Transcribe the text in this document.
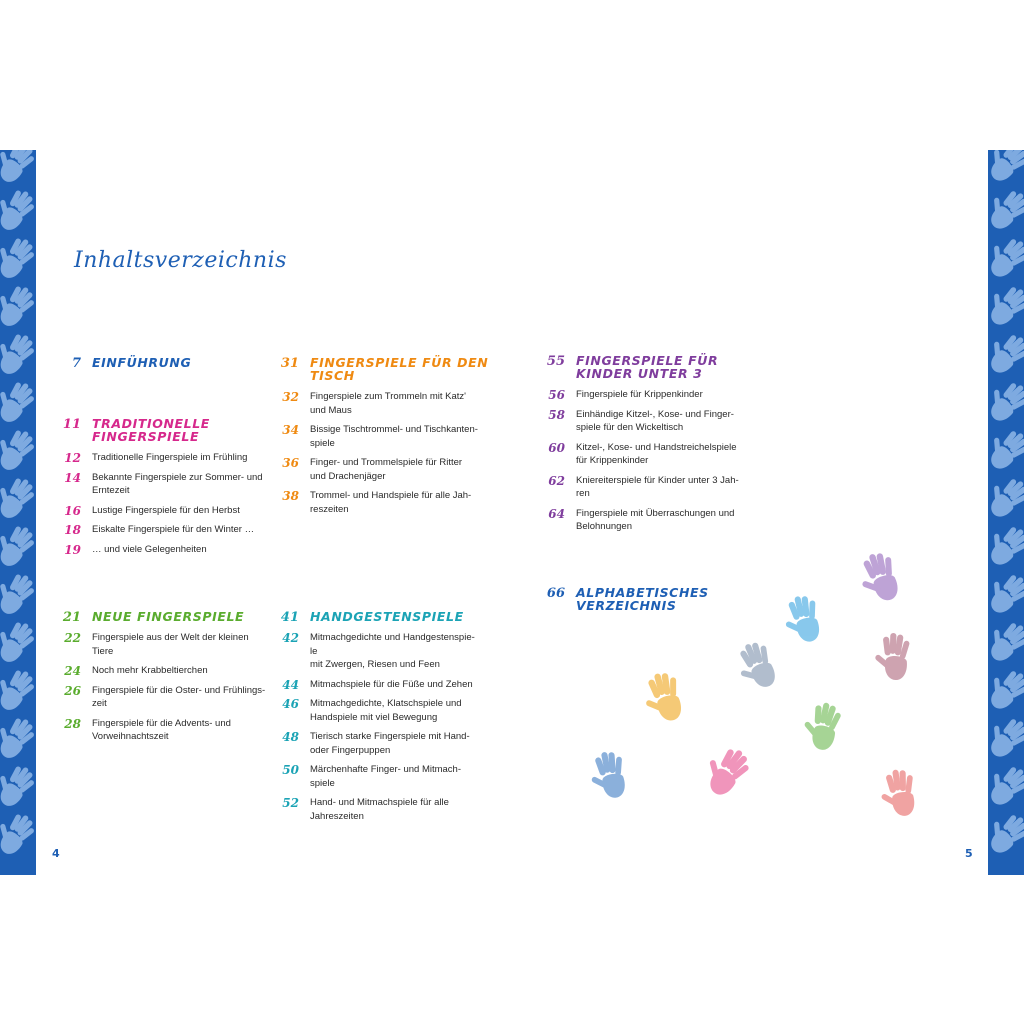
Inhaltsverzeichnis
7 EINFÜHRUNG
11 TRADITIONELLE
FINGERSPIELE
12 Traditionelle Fingerspiele im Frühling
14 Bekannte Fingerspiele zur Sommer- und
Erntezeit
16 Lustige Fingerspiele für den Herbst
18 Eiskalte Fingerspiele für den Winter …
19 … und viele Gelegenheiten
21 NEUE FINGERSPIELE
22 Fingerspiele aus der Welt der kleinen
Tiere
24 Noch mehr Krabbeltierchen
26 Fingerspiele für die Oster- und Frühlings-
zeit
28 Fingerspiele für die Advents- und
Vorweihnachtszeit
31 FINGERSPIELE FÜR DEN
TISCH
32 Fingerspiele zum Trommeln mit Katz'
und Maus
34 Bissige Tischtrommel- und Tischkanten-
spiele
36 Finger- und Trommelspiele für Ritter
und Drachenjäger
38 Trommel- und Handspiele für alle Jah-
reszeiten
41 HANDGESTENSPIELE
42 Mitmachgedichte und Handgestenspie-
le
mit Zwergen, Riesen und Feen
44 Mitmachspiele für die Füße und Zehen
46 Mitmachgedichte, Klatschspiele und
Handspiele mit viel Bewegung
48 Tierisch starke Fingerspiele mit Hand-
oder Fingerpuppen
50 Märchenhafte Finger- und Mitmach-
spiele
52 Hand- und Mitmachspiele für alle
Jahreszeiten
55 FINGERSPIELE FÜR
KINDER UNTER 3
56 Fingerspiele für Krippenkinder
58 Einhändige Kitzel-, Kose- und Finger-
spiele für den Wickeltisch
60 Kitzel-, Kose- und Handstreichelspiele
für Krippenkinder
62 Kniereiterspiele für Kinder unter 3 Jah-
ren
64 Fingerspiele mit Überraschungen und
Belohnungen
66 ALPHABETISCHES
VERZEICHNIS
4	5
